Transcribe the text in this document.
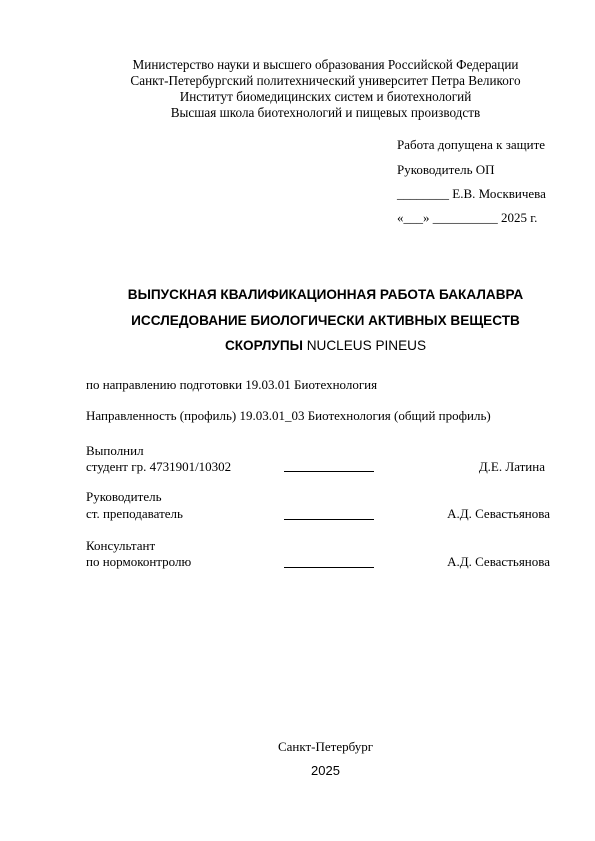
Министерство науки и высшего образования Российской Федерации
Санкт-Петербургский политехнический университет Петра Великого
Институт биомедицинских систем и биотехнологий
Высшая школа биотехнологий и пищевых производств
Работа допущена к защите
Руководитель ОП
________ Е.В. Москвичева
«___» __________ 2025 г.
ВЫПУСКНАЯ КВАЛИФИКАЦИОННАЯ РАБОТА БАКАЛАВРА
ИССЛЕДОВАНИЕ БИОЛОГИЧЕСКИ АКТИВНЫХ ВЕЩЕСТВ
СКОРЛУПЫ NUCLEUS PINEUS
по направлению подготовки 19.03.01 Биотехнология
Направленность (профиль) 19.03.01_03 Биотехнология (общий профиль)
Выполнил
студент гр. 4731901/10302	Д.Е. Латина
Руководитель
ст. преподаватель	А.Д. Севастьянова
Консультант
по нормоконтролю	А.Д. Севастьянова
Санкт-Петербург
2025
